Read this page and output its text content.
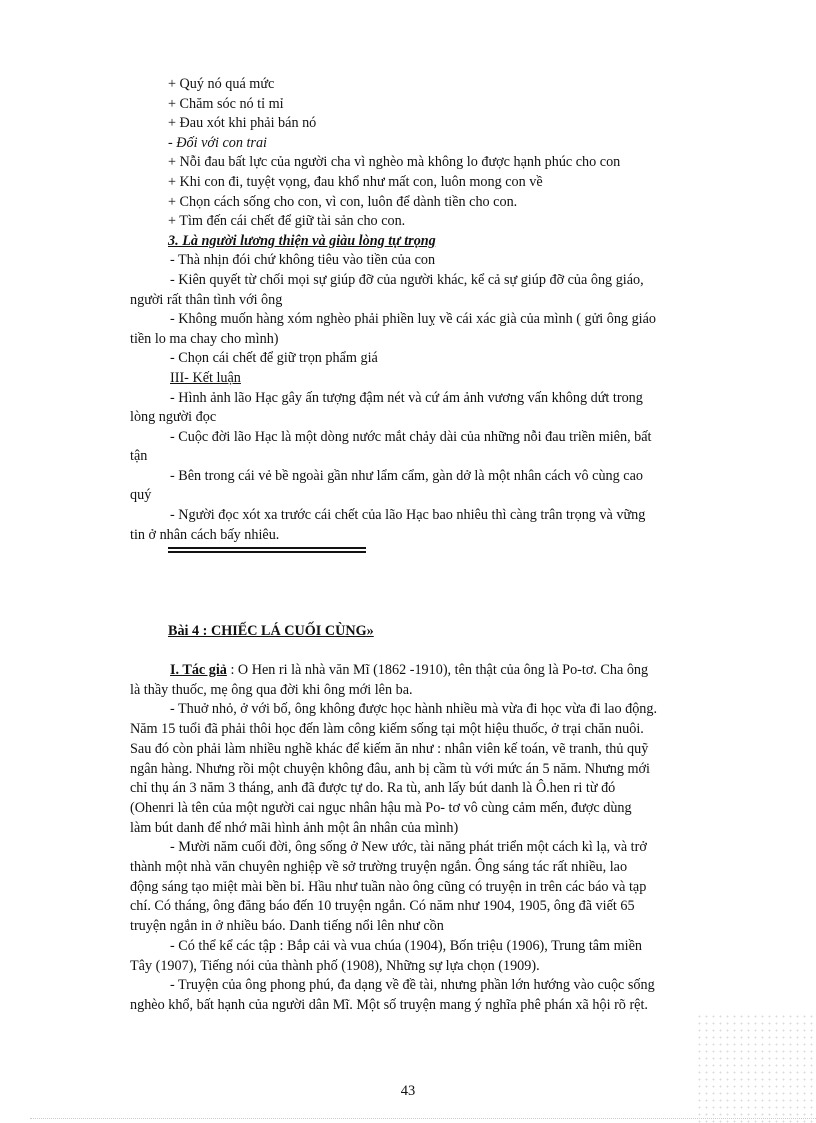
+ Quý nó quá mức
+ Chăm sóc nó tỉ mỉ
+ Đau xót khi phải bán nó
- Đối với con trai
+ Nỗi đau bất lực của người cha vì nghèo mà không lo được hạnh phúc cho con
+ Khi con đi, tuyệt vọng, đau khổ như mất con, luôn mong con về
+ Chọn cách sống cho con, vì con, luôn để dành tiền cho con.
+ Tìm đến cái chết để giữ tài sản cho con.
3. Là người lương thiện và giàu lòng tự trọng
- Thà nhịn đói chứ không tiêu vào tiền của con
- Kiên quyết từ chối mọi sự giúp đỡ của người khác, kể cả sự giúp đỡ của ông giáo,
người rất thân tình với ông
- Không muốn hàng xóm nghèo phải phiền luỵ về cái xác già của mình ( gửi ông giáo
tiền lo ma chay cho mình)
- Chọn cái chết để giữ trọn phẩm giá
III- Kết luận
- Hình ảnh lão Hạc gây ấn tượng đậm nét và cứ ám ảnh vương vấn không dứt trong
lòng người đọc
- Cuộc đời lão Hạc là một dòng nước mắt chảy dài của những nỗi đau triền miên, bất
tận
- Bên trong cái vẻ bề ngoài gần như lẩm cẩm, gàn dở là một nhân cách vô cùng cao
quý
- Người đọc xót xa trước cái chết của lão Hạc bao nhiêu thì càng trân trọng và vững
tin ở nhân cách bấy nhiêu.
Bài 4 : CHIẾC LÁ CUỐI CÙNG»
I. Tác giả : O Hen ri là nhà văn Mĩ (1862 -1910), tên thật của ông là Po-tơ. Cha ông
là thầy thuốc, mẹ ông qua đời khi ông mới lên ba.
- Thuở nhỏ, ở với bố, ông không được học hành nhiều mà vừa đi học vừa đi lao động.
Năm 15 tuổi đã phải thôi học đến làm công kiếm sống tại một hiệu thuốc, ở trại chăn nuôi.
Sau đó còn phải làm nhiều nghề khác để kiếm ăn như : nhân viên kế toán, vẽ tranh, thủ quỹ
ngân hàng. Nhưng rồi một chuyện không đâu, anh bị cầm tù với mức án 5 năm. Nhưng mới
chỉ thụ án 3 năm 3 tháng, anh đã được tự do. Ra tù, anh lấy bút danh là Ô.hen ri từ đó
(Ohenri là tên của một người cai ngục nhân hậu mà Po- tơ vô cùng cảm mến, được dùng
làm bút danh để nhớ mãi hình ảnh một ân nhân của mình)
- Mười năm cuối đời, ông sống ở New ước, tài năng phát triển một cách kì lạ, và trở
thành một nhà văn chuyên nghiệp về sở trường truyện ngắn. Ông sáng tác rất nhiều, lao
động sáng tạo miệt mài bền bỉ. Hầu như tuần nào ông cũng có truyện in trên các báo và tạp
chí. Có tháng, ông đăng báo đến 10 truyện ngắn. Có năm như 1904, 1905, ông đã viết 65
truyện ngắn in ở nhiều báo. Danh tiếng nổi lên như cồn
- Có thể kể các tập : Bắp cải và vua chúa (1904), Bốn triệu (1906), Trung tâm miền
Tây (1907), Tiếng nói của thành phố (1908), Những sự lựa chọn (1909).
- Truyện của ông phong phú, đa dạng về đề tài, nhưng phần lớn hướng vào cuộc sống
nghèo khổ, bất hạnh của người dân Mĩ. Một số truyện mang ý nghĩa phê phán xã hội rõ rệt.
43
